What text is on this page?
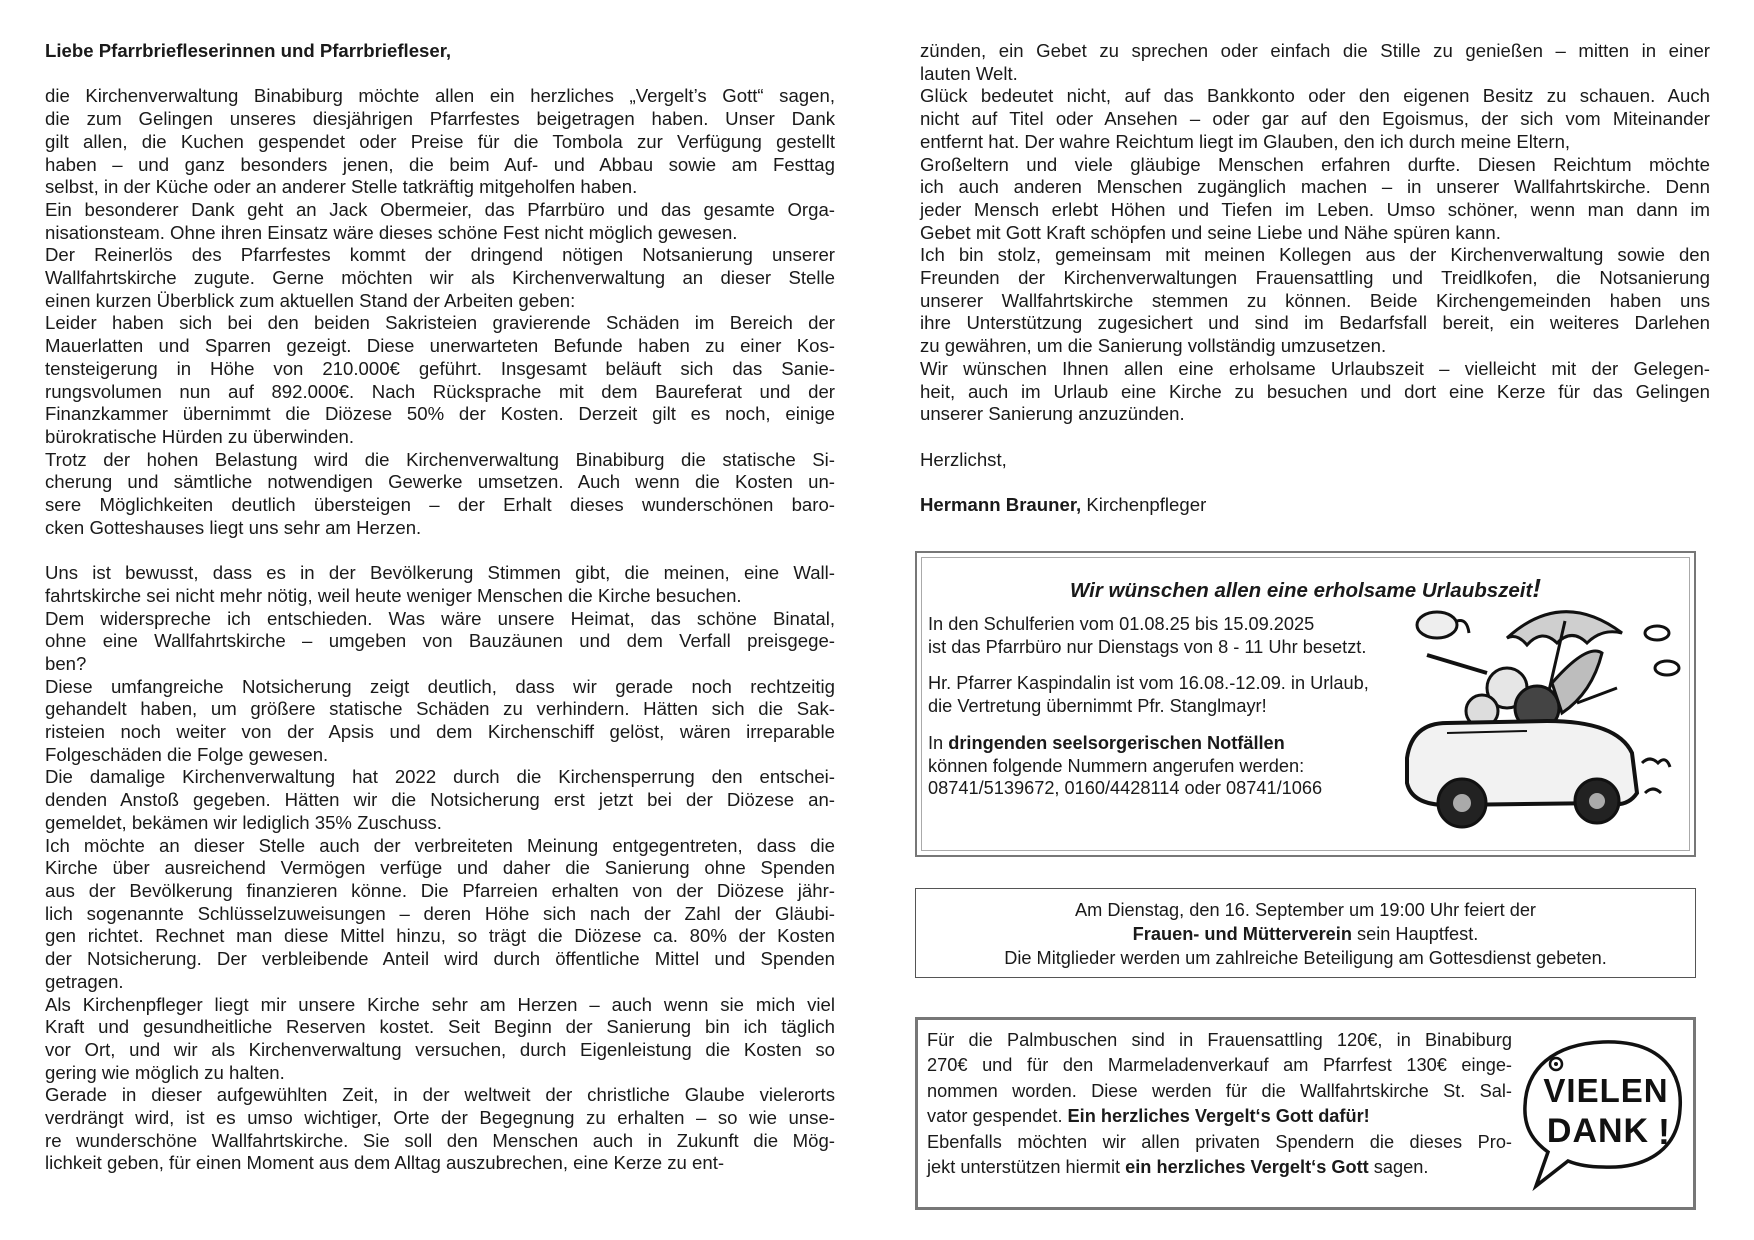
Liebe Pfarrbriefleserinnen und Pfarrbriefleser,
die Kirchenverwaltung Binabiburg möchte allen ein herzliches „Vergelt’s Gott“ sagen,
die zum Gelingen unseres diesjährigen Pfarrfestes beigetragen haben. Unser Dank
gilt allen, die Kuchen gespendet oder Preise für die Tombola zur Verfügung gestellt
haben – und ganz besonders jenen, die beim Auf- und Abbau sowie am Festtag
selbst, in der Küche oder an anderer Stelle tatkräftig mitgeholfen haben.
Ein besonderer Dank geht an Jack Obermeier, das Pfarrbüro und das gesamte Orga-
nisationsteam. Ohne ihren Einsatz wäre dieses schöne Fest nicht möglich gewesen.
Der Reinerlös des Pfarrfestes kommt der dringend nötigen Notsanierung unserer
Wallfahrtskirche zugute. Gerne möchten wir als Kirchenverwaltung an dieser Stelle
einen kurzen Überblick zum aktuellen Stand der Arbeiten geben:
Leider haben sich bei den beiden Sakristeien gravierende Schäden im Bereich der
Mauerlatten und Sparren gezeigt. Diese unerwarteten Befunde haben zu einer Kos-
tensteigerung in Höhe von 210.000€ geführt. Insgesamt beläuft sich das Sanie-
rungsvolumen nun auf 892.000€. Nach Rücksprache mit dem Baureferat und der
Finanzkammer übernimmt die Diözese 50% der Kosten. Derzeit gilt es noch, einige
bürokratische Hürden zu überwinden.
Trotz der hohen Belastung wird die Kirchenverwaltung Binabiburg die statische Si-
cherung und sämtliche notwendigen Gewerke umsetzen. Auch wenn die Kosten un-
sere Möglichkeiten deutlich übersteigen – der Erhalt dieses wunderschönen baro-
cken Gotteshauses liegt uns sehr am Herzen.
Uns ist bewusst, dass es in der Bevölkerung Stimmen gibt, die meinen, eine Wall-
fahrtskirche sei nicht mehr nötig, weil heute weniger Menschen die Kirche besuchen.
Dem widerspreche ich entschieden. Was wäre unsere Heimat, das schöne Binatal,
ohne eine Wallfahrtskirche – umgeben von Bauzäunen und dem Verfall preisgege-
ben?
Diese umfangreiche Notsicherung zeigt deutlich, dass wir gerade noch rechtzeitig
gehandelt haben, um größere statische Schäden zu verhindern. Hätten sich die Sak-
risteien noch weiter von der Apsis und dem Kirchenschiff gelöst, wären irreparable
Folgeschäden die Folge gewesen.
Die damalige Kirchenverwaltung hat 2022 durch die Kirchensperrung den entschei-
denden Anstoß gegeben. Hätten wir die Notsicherung erst jetzt bei der Diözese an-
gemeldet, bekämen wir lediglich 35% Zuschuss.
Ich möchte an dieser Stelle auch der verbreiteten Meinung entgegentreten, dass die
Kirche über ausreichend Vermögen verfüge und daher die Sanierung ohne Spenden
aus der Bevölkerung finanzieren könne. Die Pfarreien erhalten von der Diözese jähr-
lich sogenannte Schlüsselzuweisungen – deren Höhe sich nach der Zahl der Gläubi-
gen richtet. Rechnet man diese Mittel hinzu, so trägt die Diözese ca. 80% der Kosten
der Notsicherung. Der verbleibende Anteil wird durch öffentliche Mittel und Spenden
getragen.
Als Kirchenpfleger liegt mir unsere Kirche sehr am Herzen – auch wenn sie mich viel
Kraft und gesundheitliche Reserven kostet. Seit Beginn der Sanierung bin ich täglich
vor Ort, und wir als Kirchenverwaltung versuchen, durch Eigenleistung die Kosten so
gering wie möglich zu halten.
Gerade in dieser aufgewühlten Zeit, in der weltweit der christliche Glaube vielerorts
verdrängt wird, ist es umso wichtiger, Orte der Begegnung zu erhalten – so wie unse-
re wunderschöne Wallfahrtskirche. Sie soll den Menschen auch in Zukunft die Mög-
lichkeit geben, für einen Moment aus dem Alltag auszubrechen, eine Kerze zu ent-
zünden, ein Gebet zu sprechen oder einfach die Stille zu genießen – mitten in einer
lauten Welt.
Glück bedeutet nicht, auf das Bankkonto oder den eigenen Besitz zu schauen. Auch
nicht auf Titel oder Ansehen – oder gar auf den Egoismus, der sich vom Miteinander
entfernt hat. Der wahre Reichtum liegt im Glauben, den ich durch meine Eltern,
Großeltern und viele gläubige Menschen erfahren durfte. Diesen Reichtum möchte
ich auch anderen Menschen zugänglich machen – in unserer Wallfahrtskirche. Denn
jeder Mensch erlebt Höhen und Tiefen im Leben. Umso schöner, wenn man dann im
Gebet mit Gott Kraft schöpfen und seine Liebe und Nähe spüren kann.
Ich bin stolz, gemeinsam mit meinen Kollegen aus der Kirchenverwaltung sowie den
Freunden der Kirchenverwaltungen Frauensattling und Treidlkofen, die Notsanierung
unserer Wallfahrtskirche stemmen zu können. Beide Kirchengemeinden haben uns
ihre Unterstützung zugesichert und sind im Bedarfsfall bereit, ein weiteres Darlehen
zu gewähren, um die Sanierung vollständig umzusetzen.
Wir wünschen Ihnen allen eine erholsame Urlaubszeit – vielleicht mit der Gelegen-
heit, auch im Urlaub eine Kirche zu besuchen und dort eine Kerze für das Gelingen
unserer Sanierung anzuzünden.
Herzlichst,
Hermann Brauner, Kirchenpfleger
Wir wünschen allen eine erholsame Urlaubszeit!
In den Schulferien vom 01.08.25 bis 15.09.2025
ist das Pfarrbüro nur Dienstags von 8 - 11 Uhr besetzt.
Hr. Pfarrer Kaspindalin ist vom 16.08.-12.09. in Urlaub,
die Vertretung übernimmt Pfr. Stanglmayr!
In dringenden seelsorgerischen Notfällen
können folgende Nummern angerufen werden:
08741/5139672, 0160/4428114 oder 08741/1066
Am Dienstag, den 16. September um 19:00 Uhr feiert der
Frauen- und Mütterverein sein Hauptfest.
Die Mitglieder werden um zahlreiche Beteiligung am Gottesdienst gebeten.
Für die Palmbuschen sind in Frauensattling 120€, in Binabiburg
270€ und für den Marmeladenverkauf am Pfarrfest 130€ einge-
nommen worden. Diese werden für die Wallfahrtskirche St. Sal-
vator gespendet. Ein herzliches Vergelt‘s Gott dafür!
Ebenfalls möchten wir allen privaten Spendern die dieses Pro-
jekt unterstützen hiermit ein herzliches Vergelt‘s Gott sagen.
VIELEN
DANK !
